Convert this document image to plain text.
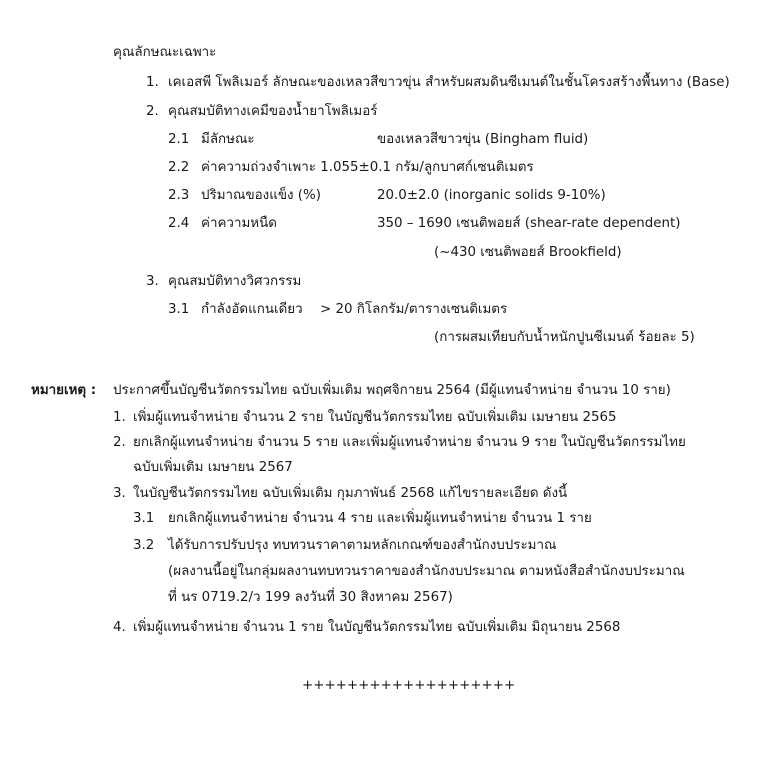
คุณลักษณะเฉพาะ
1. เคเอสพี โพลิเมอร์ ลักษณะของเหลวสีขาวขุ่น สำหรับผสมดินซีเมนต์ในชั้นโครงสร้างพื้นทาง (Base)
2. คุณสมบัติทางเคมีของน้ำยาโพลิเมอร์
2.1 มีลักษณะ	ของเหลวสีขาวขุ่น (Bingham fluid)
2.2 ค่าความถ่วงจำเพาะ 1.055±0.1 กรัม/ลูกบาศก์เซนติเมตร
2.3 ปริมาณของแข็ง (%)	20.0±2.0 (inorganic solids 9-10%)
2.4 ค่าความหนืด	350 – 1690 เซนติพอยส์ (shear-rate dependent)
(~430 เซนติพอยส์ Brookfield)
3. คุณสมบัติทางวิศวกรรม
3.1 กำลังอัดแกนเดียว > 20 กิโลกรัม/ตารางเซนติเมตร
(การผสมเทียบกับน้ำหนักปูนซีเมนต์ ร้อยละ 5)
หมายเหตุ : ประกาศขึ้นบัญชีนวัตกรรมไทย ฉบับเพิ่มเติม พฤศจิกายน 2564 (มีผู้แทนจำหน่าย จำนวน 10 ราย)
1. เพิ่มผู้แทนจำหน่าย จำนวน 2 ราย ในบัญชีนวัตกรรมไทย ฉบับเพิ่มเติม เมษายน 2565
2. ยกเลิกผู้แทนจำหน่าย จำนวน 5 ราย และเพิ่มผู้แทนจำหน่าย จำนวน 9 ราย ในบัญชีนวัตกรรมไทย
ฉบับเพิ่มเติม เมษายน 2567
3. ในบัญชีนวัตกรรมไทย ฉบับเพิ่มเติม กุมภาพันธ์ 2568 แก้ไขรายละเอียด ดังนี้
3.1 ยกเลิกผู้แทนจำหน่าย จำนวน 4 ราย และเพิ่มผู้แทนจำหน่าย จำนวน 1 ราย
3.2 ได้รับการปรับปรุง ทบทวนราคาตามหลักเกณฑ์ของสำนักงบประมาณ
(ผลงานนี้อยู่ในกลุ่มผลงานทบทวนราคาของสำนักงบประมาณ ตามหนังสือสำนักงบประมาณ
ที่ นร 0719.2/ว 199 ลงวันที่ 30 สิงหาคม 2567)
4. เพิ่มผู้แทนจำหน่าย จำนวน 1 ราย ในบัญชีนวัตกรรมไทย ฉบับเพิ่มเติม มิถุนายน 2568
+++++++++++++++++++
